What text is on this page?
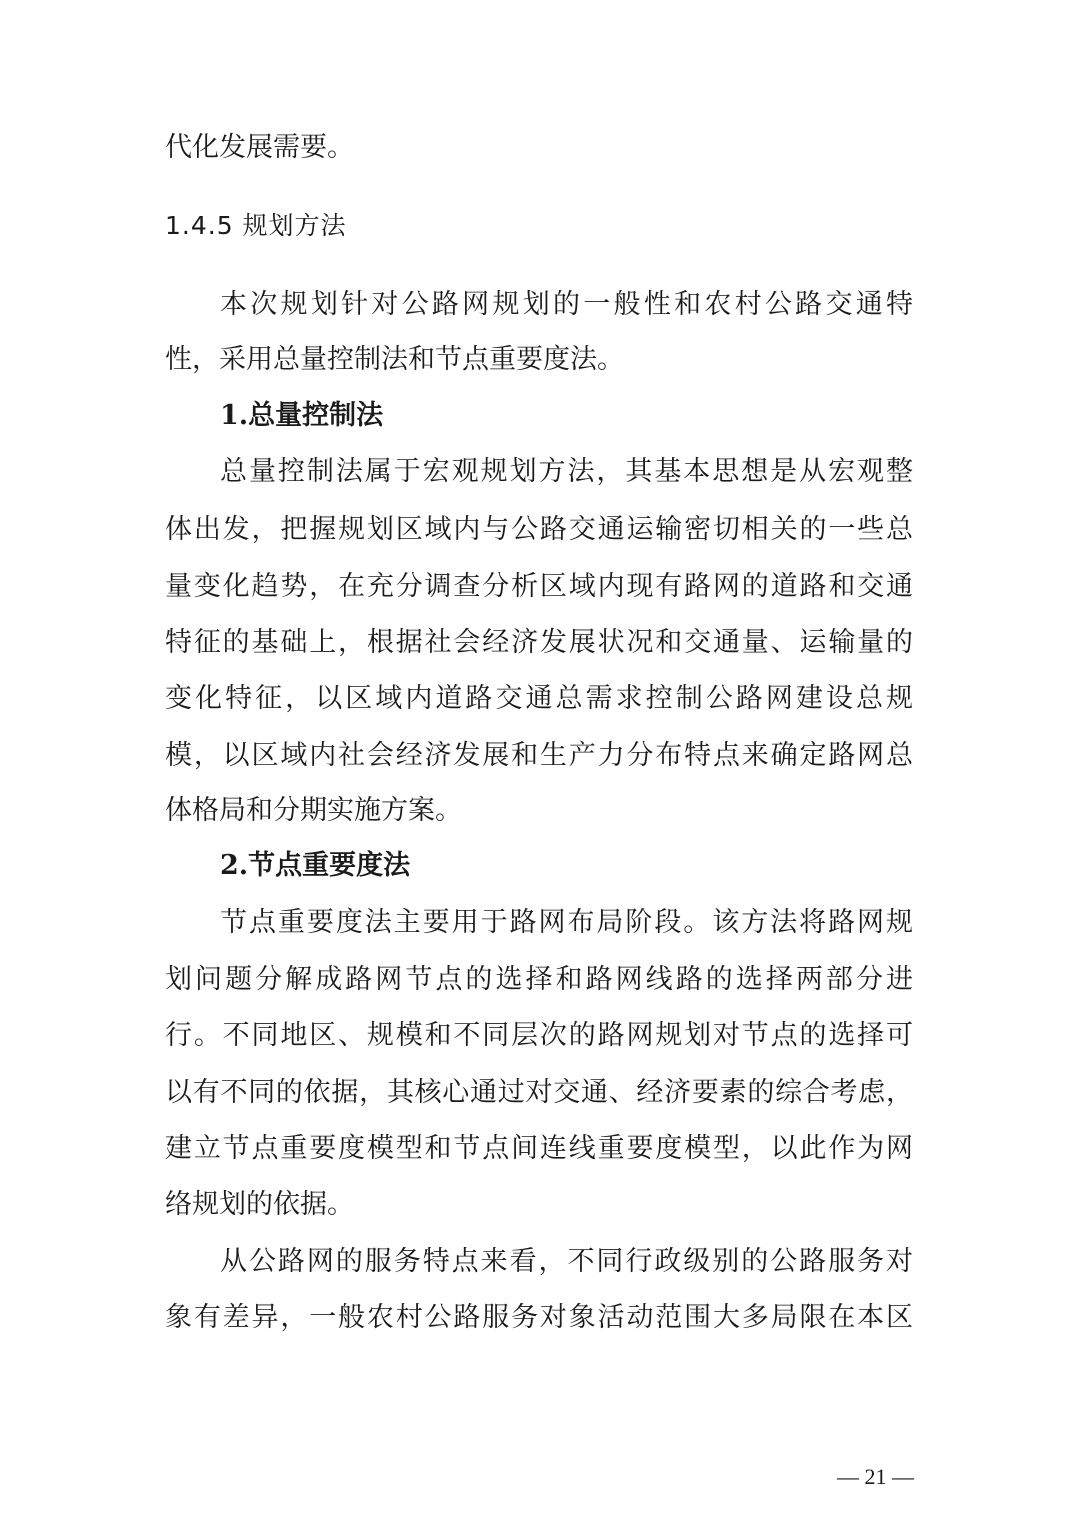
代化发展需要。
1.4.5 规划方法
本次规划针对公路网规划的一般性和农村公路交通特
性，采用总量控制法和节点重要度法。
1.总量控制法
总量控制法属于宏观规划方法，其基本思想是从宏观整
体出发，把握规划区域内与公路交通运输密切相关的一些总
量变化趋势，在充分调查分析区域内现有路网的道路和交通
特征的基础上，根据社会经济发展状况和交通量、运输量的
变化特征，以区域内道路交通总需求控制公路网建设总规
模，以区域内社会经济发展和生产力分布特点来确定路网总
体格局和分期实施方案。
2.节点重要度法
节点重要度法主要用于路网布局阶段。该方法将路网规
划问题分解成路网节点的选择和路网线路的选择两部分进
行。不同地区、规模和不同层次的路网规划对节点的选择可
以有不同的依据，其核心通过对交通、经济要素的综合考虑，
建立节点重要度模型和节点间连线重要度模型，以此作为网
络规划的依据。
从公路网的服务特点来看，不同行政级别的公路服务对
象有差异，一般农村公路服务对象活动范围大多局限在本区
— 21 —
